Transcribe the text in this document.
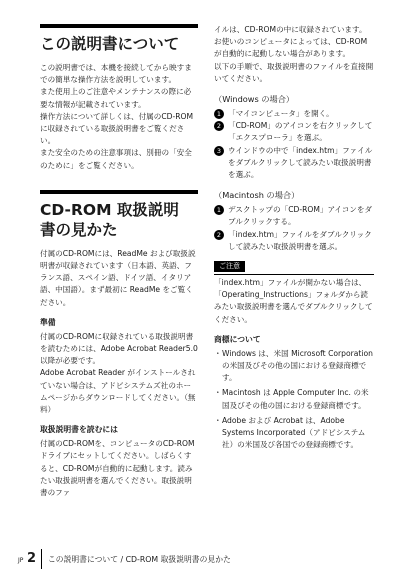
この説明書について

この説明書では、本機を接続してから映すまでの簡単な操作方法を説明しています。

また使用上のご注意やメンテナンスの際に必要な情報が記載されています。

操作方法について詳しくは、付属のCD-ROMに収録されている取扱説明書をご覧ください。

また安全のための注意事項は、別冊の「安全のために」をご覧ください。

CD-ROM 取扱説明
書の見かた

付属のCD-ROMには、ReadMe および取扱説明書が収録されています（日本語、英語、フランス語、スペイン語、ドイツ語、イタリア語、中国語）。まず最初に ReadMe をご覧ください。

準備

付属のCD-ROMに収録されている取扱説明書を読むためには、Adobe Acrobat Reader5.0 以降が必要です。

Adobe Acrobat Reader がインストールされていない場合は、アドビシステムズ社のホームページからダウンロードしてください。（無料）

取扱説明書を読むには

付属のCD-ROMを、コンピュータのCD-ROM ドライブにセットしてください。しばらくすると、CD-ROMが自動的に起動します。読みたい取扱説明書を選んでください。取扱説明書のファ

イルは、CD-ROMの中に収録されています。

お使いのコンピュータによっては、CD-ROM が自動的に起動しない場合があります。

以下の手順で、取扱説明書のファイルを直接開いてください。

（Windows の場合）
1 「マイコンピュータ」を開く。
2 「CD-ROM」のアイコンを右クリックして「エクスプローラ」を選ぶ。
3 ウインドウの中で「index.htm」ファイルをダブルクリックして読みたい取扱説明書を選ぶ。
（Macintosh の場合）
1 デスクトップの「CD-ROM」アイコンをダブルクリックする。
2 「index.htm」ファイルをダブルクリックして読みたい取扱説明書を選ぶ。
ご注意

「index.htm」ファイルが開かない場合は、「Operating_Instructions」フォルダから読みたい取扱説明書を選んでダブルクリックしてください。

商標について
・ Windows は、米国 Microsoft Corporation の米国及びその他の国における登録商標です。
・ Macintosh は Apple Computer Inc. の米国及びその他の国における登録商標です。
・ Adobe および Acrobat は、Adobe Systems Incorporated（アドビシステム社）の米国及び各国での登録商標です。
JP 2 この説明書について / CD-ROM 取扱説明書の見かた
